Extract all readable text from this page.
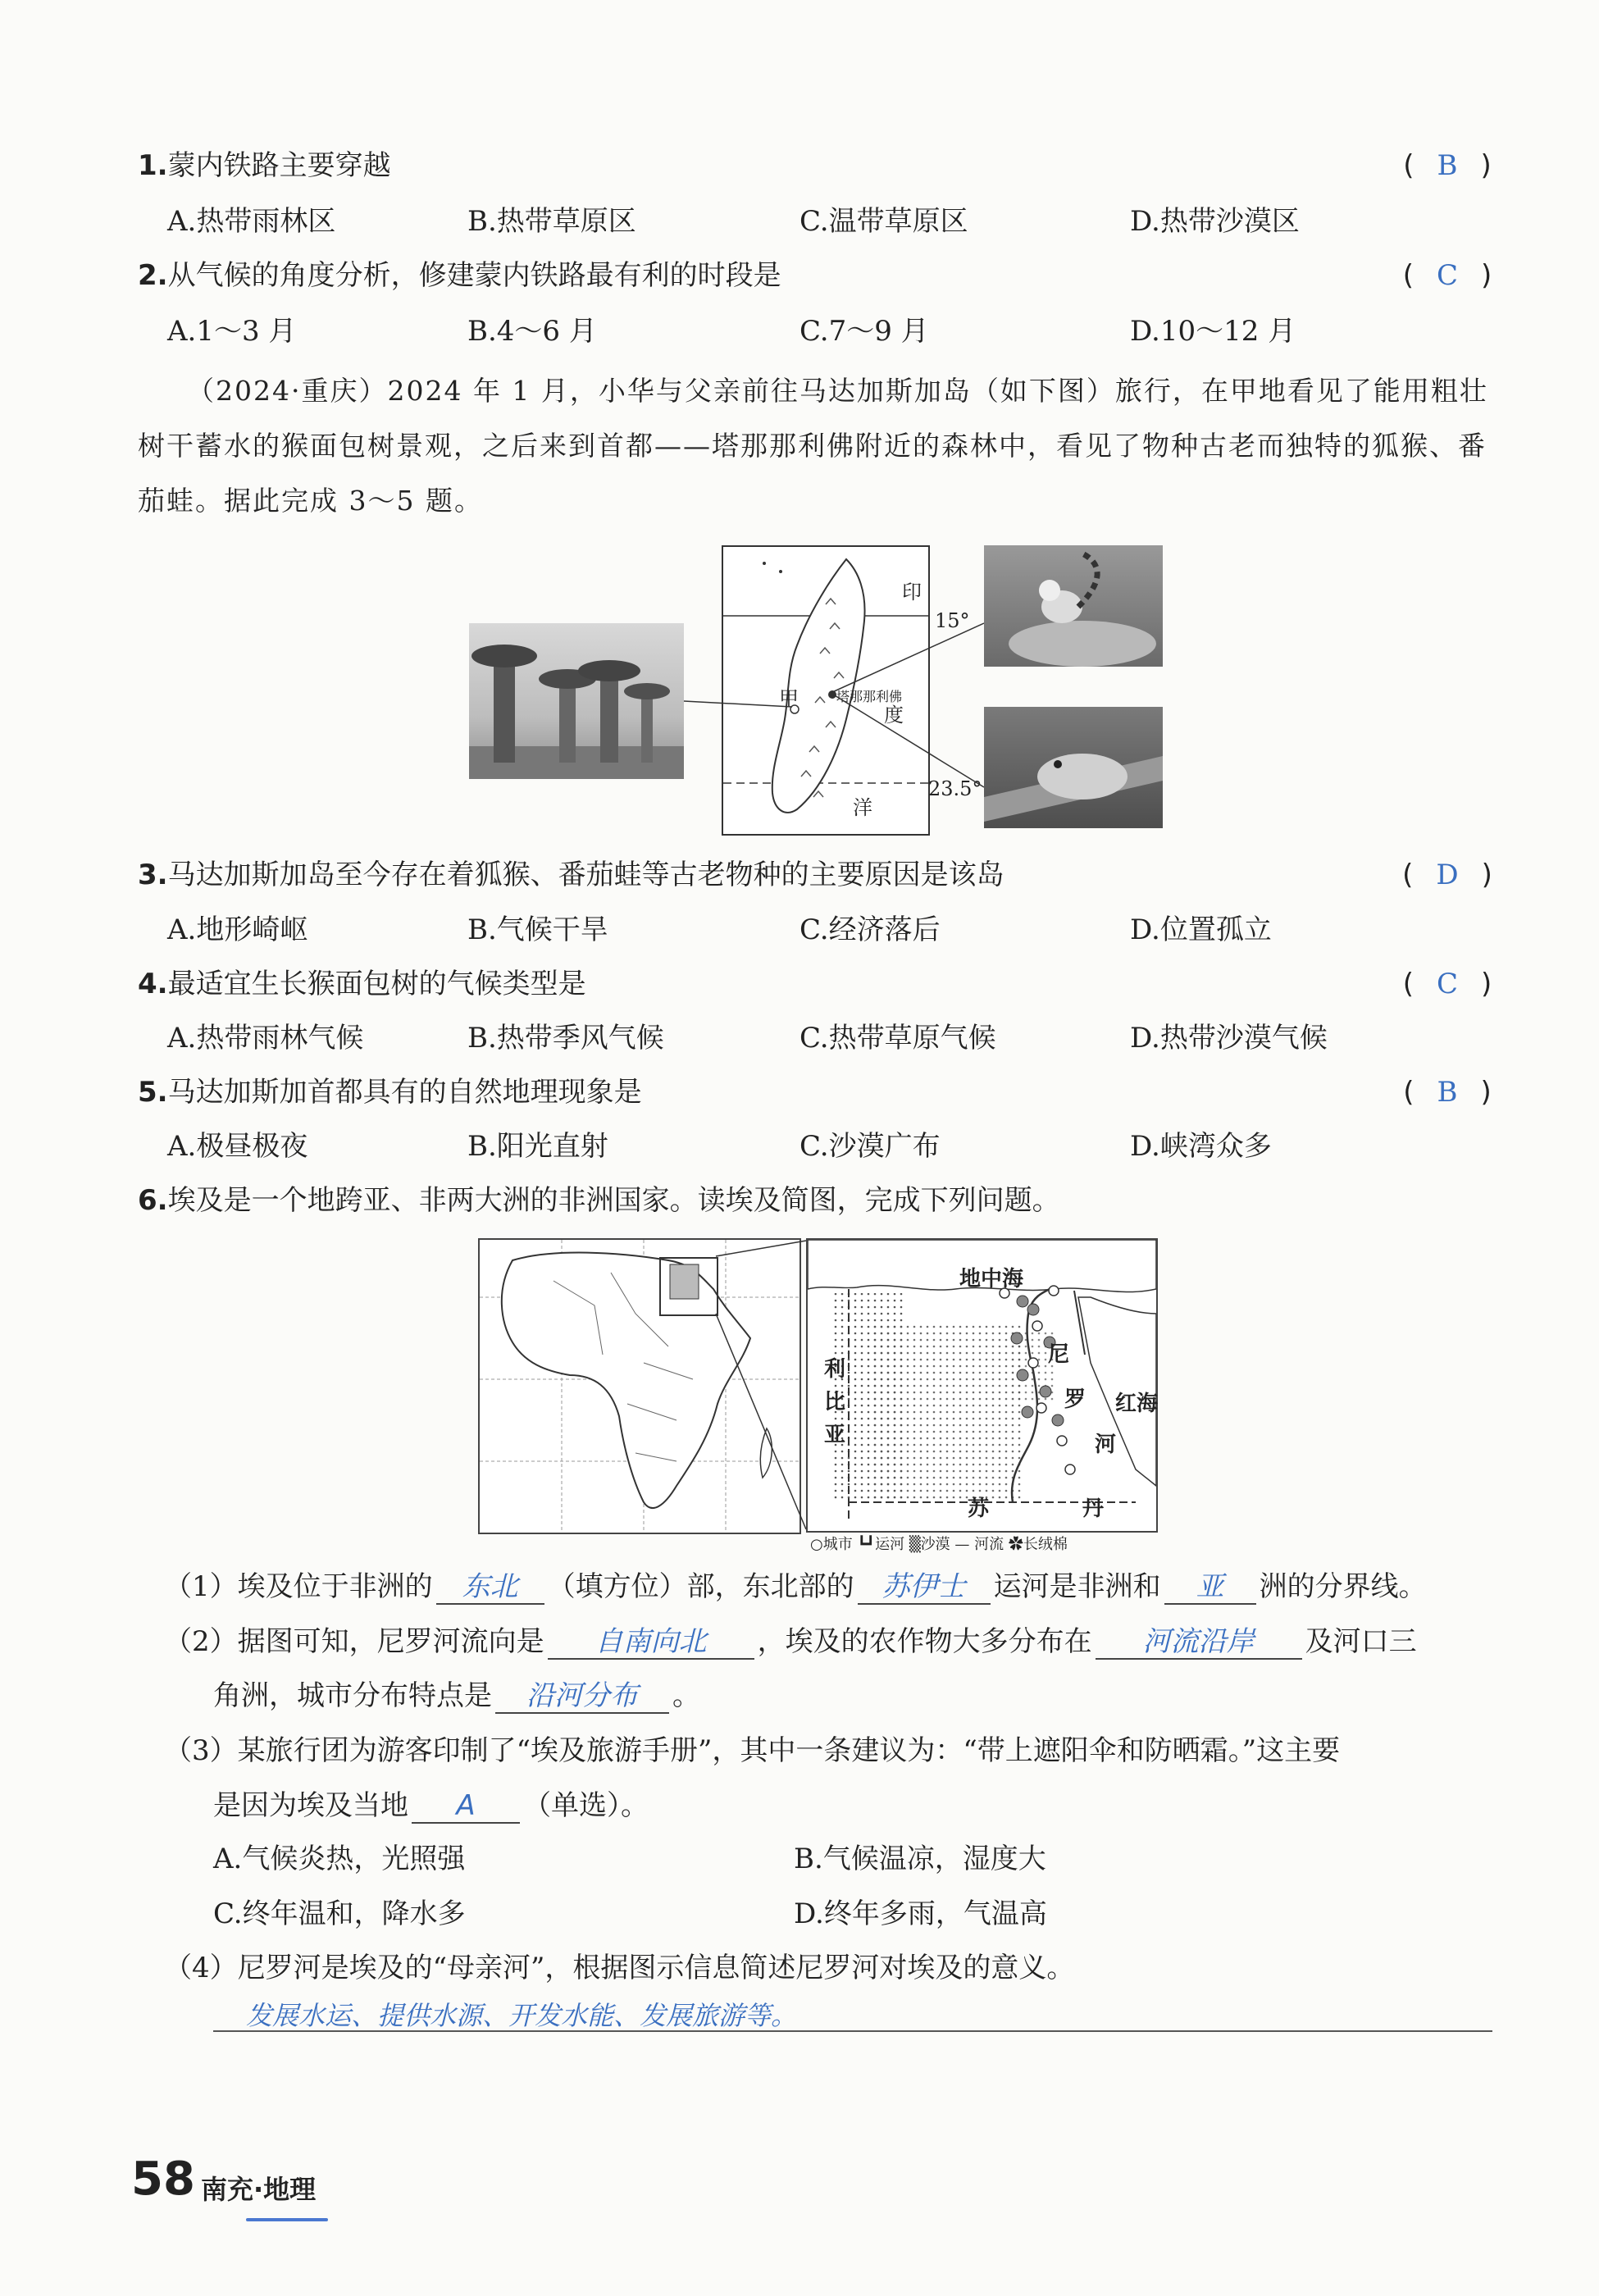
1.蒙内铁路主要穿越	( B )
A.热带雨林区	B.热带草原区	C.温带草原区	D.热带沙漠区
2.从气候的角度分析，修建蒙内铁路最有利的时段是	( C )
A.1～3 月	B.4～6 月	C.7～9 月	D.10～12 月
（2024·重庆）2024 年 1 月，小华与父亲前往马达加斯加岛（如下图）旅行，在甲地看见了能用粗壮树干蓄水的猴面包树景观，之后来到首都——塔那那利佛附近的森林中，看见了物种古老而独特的狐猴、番茄蛙。据此完成 3～5 题。
15°
23.5°
甲	塔那那利佛
印
度
洋
3.马达加斯加岛至今存在着狐猴、番茄蛙等古老物种的主要原因是该岛	( D )
A.地形崎岖	B.气候干旱	C.经济落后	D.位置孤立
4.最适宜生长猴面包树的气候类型是	( C )
A.热带雨林气候	B.热带季风气候	C.热带草原气候	D.热带沙漠气候
5.马达加斯加首都具有的自然地理现象是	( B )
A.极昼极夜	B.阳光直射	C.沙漠广布	D.峡湾众多
6.埃及是一个地跨亚、非两大洲的非洲国家。读埃及简图，完成下列问题。
地中海
利
比
亚
尼
罗
河
红海
苏	丹
○城市 ┗┛运河 ▒沙漠 — 河流 ✿长绒棉
（1）埃及位于非洲的 东北 （填方位）部，东北部的 苏伊士 运河是非洲和 亚 洲的分界线。
（2）据图可知，尼罗河流向是 自南向北 ，埃及的农作物大多分布在 河流沿岸 及河口三
角洲，城市分布特点是 沿河分布 。
（3）某旅行团为游客印制了“埃及旅游手册”，其中一条建议为：“带上遮阳伞和防晒霜。”这主要
是因为埃及当地 A （单选）。
A.气候炎热，光照强	B.气候温凉，湿度大
C.终年温和，降水多	D.终年多雨，气温高
（4）尼罗河是埃及的“母亲河”，根据图示信息简述尼罗河对埃及的意义。
发展水运、提供水源、开发水能、发展旅游等。
58 南充·地理
